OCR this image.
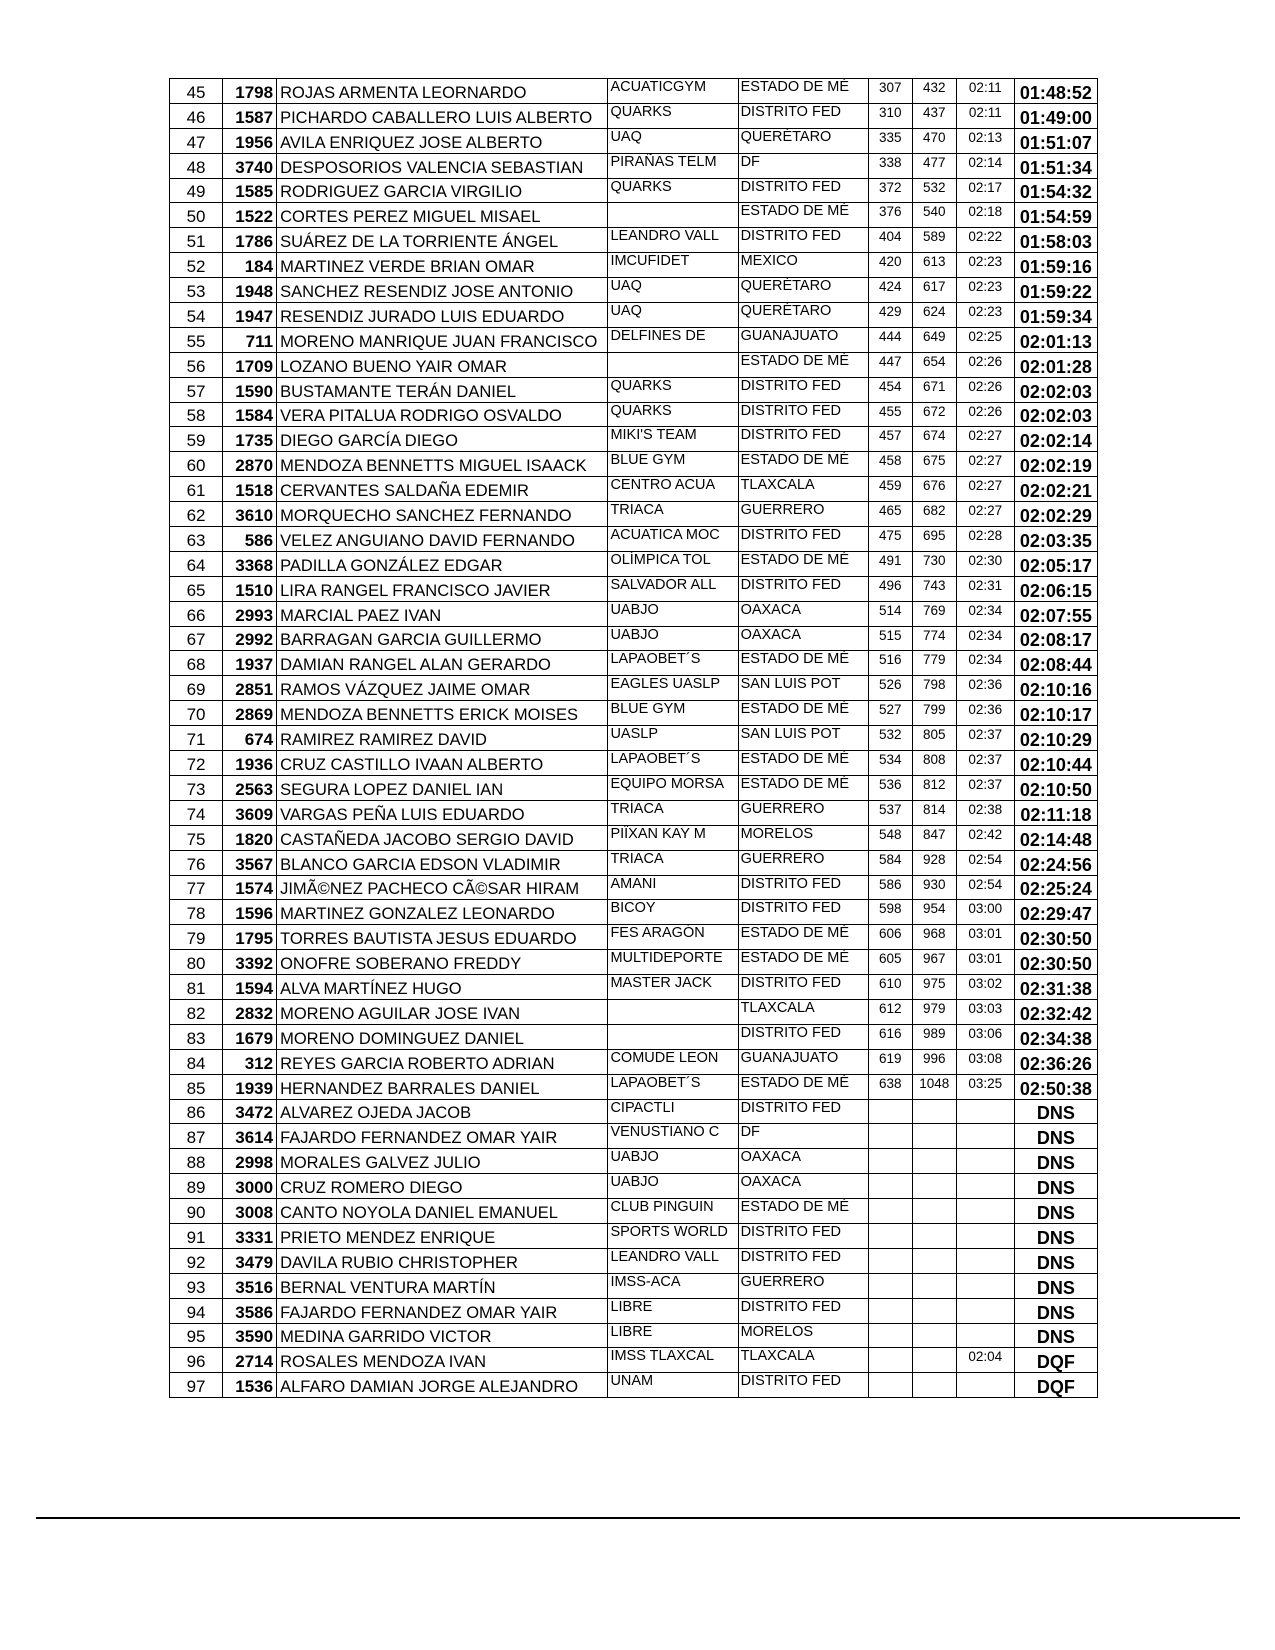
45	1798	ROJAS ARMENTA LEORNARDO	ACUATICGYM	ESTADO DE MÉ	307	432	02:11	01:48:52
46	1587	PICHARDO CABALLERO LUIS ALBERTO	QUARKS	DISTRITO FED	310	437	02:11	01:49:00
47	1956	AVILA ENRIQUEZ JOSE ALBERTO	UAQ	QUERÉTARO	335	470	02:13	01:51:07
48	3740	DESPOSORIOS VALENCIA SEBASTIAN	PIRAÑAS TELM	DF	338	477	02:14	01:51:34
49	1585	RODRIGUEZ GARCIA VIRGILIO	QUARKS	DISTRITO FED	372	532	02:17	01:54:32
50	1522	CORTES PEREZ MIGUEL MISAEL		ESTADO DE MÉ	376	540	02:18	01:54:59
51	1786	SUÁREZ DE LA TORRIENTE ÁNGEL	LEANDRO VALL	DISTRITO FED	404	589	02:22	01:58:03
52	184	MARTINEZ VERDE BRIAN OMAR	IMCUFIDET	MEXICO	420	613	02:23	01:59:16
53	1948	SANCHEZ RESENDIZ JOSE ANTONIO	UAQ	QUERÉTARO	424	617	02:23	01:59:22
54	1947	RESENDIZ JURADO LUIS EDUARDO	UAQ	QUERÉTARO	429	624	02:23	01:59:34
55	711	MORENO MANRIQUE JUAN FRANCISCO	DELFINES DE	GUANAJUATO	444	649	02:25	02:01:13
56	1709	LOZANO BUENO YAIR OMAR		ESTADO DE MÉ	447	654	02:26	02:01:28
57	1590	BUSTAMANTE TERÁN DANIEL	QUARKS	DISTRITO FED	454	671	02:26	02:02:03
58	1584	VERA PITALUA RODRIGO OSVALDO	QUARKS	DISTRITO FED	455	672	02:26	02:02:03
59	1735	DIEGO GARCÍA DIEGO	MIKI'S TEAM	DISTRITO FED	457	674	02:27	02:02:14
60	2870	MENDOZA BENNETTS MIGUEL ISAACK	BLUE GYM	ESTADO DE MÉ	458	675	02:27	02:02:19
61	1518	CERVANTES SALDAÑA EDEMIR	CENTRO ACUA	TLAXCALA	459	676	02:27	02:02:21
62	3610	MORQUECHO SANCHEZ FERNANDO	TRIACA	GUERRERO	465	682	02:27	02:02:29
63	586	VELEZ ANGUIANO DAVID FERNANDO	ACUATICA MOC	DISTRITO FED	475	695	02:28	02:03:35
64	3368	PADILLA GONZÁLEZ EDGAR	OLÍMPICA TOL	ESTADO DE MÉ	491	730	02:30	02:05:17
65	1510	LIRA RANGEL FRANCISCO JAVIER	SALVADOR ALL	DISTRITO FED	496	743	02:31	02:06:15
66	2993	MARCIAL PAEZ IVAN	UABJO	OAXACA	514	769	02:34	02:07:55
67	2992	BARRAGAN GARCIA GUILLERMO	UABJO	OAXACA	515	774	02:34	02:08:17
68	1937	DAMIAN RANGEL ALAN GERARDO	LAPAOBET´S	ESTADO DE MÉ	516	779	02:34	02:08:44
69	2851	RAMOS VÁZQUEZ JAIME OMAR	EAGLES UASLP	SAN LUIS POT	526	798	02:36	02:10:16
70	2869	MENDOZA BENNETTS ERICK MOISES	BLUE GYM	ESTADO DE MÉ	527	799	02:36	02:10:17
71	674	RAMIREZ RAMIREZ DAVID	UASLP	SAN LUIS POT	532	805	02:37	02:10:29
72	1936	CRUZ CASTILLO IVAAN ALBERTO	LAPAOBET´S	ESTADO DE MÉ	534	808	02:37	02:10:44
73	2563	SEGURA LOPEZ DANIEL IAN	EQUIPO MORSA	ESTADO DE MÉ	536	812	02:37	02:10:50
74	3609	VARGAS PEÑA LUIS EDUARDO	TRIACA	GUERRERO	537	814	02:38	02:11:18
75	1820	CASTAÑEDA JACOBO SERGIO DAVID	PIÏXAN KAY M	MORELOS	548	847	02:42	02:14:48
76	3567	BLANCO GARCIA EDSON VLADIMIR	TRIACA	GUERRERO	584	928	02:54	02:24:56
77	1574	JIMÃ©NEZ PACHECO CÃ©SAR HIRAM	AMANI	DISTRITO FED	586	930	02:54	02:25:24
78	1596	MARTINEZ GONZALEZ LEONARDO	BICOY	DISTRITO FED	598	954	03:00	02:29:47
79	1795	TORRES BAUTISTA JESUS EDUARDO	FES ARAGÓN	ESTADO DE MÉ	606	968	03:01	02:30:50
80	3392	ONOFRE SOBERANO FREDDY	MULTIDEPORTE	ESTADO DE MÉ	605	967	03:01	02:30:50
81	1594	ALVA MARTÍNEZ HUGO	MASTER JACK	DISTRITO FED	610	975	03:02	02:31:38
82	2832	MORENO AGUILAR JOSE IVAN		TLAXCALA	612	979	03:03	02:32:42
83	1679	MORENO DOMINGUEZ DANIEL		DISTRITO FED	616	989	03:06	02:34:38
84	312	REYES GARCIA ROBERTO ADRIAN	COMUDE LEON	GUANAJUATO	619	996	03:08	02:36:26
85	1939	HERNANDEZ BARRALES DANIEL	LAPAOBET´S	ESTADO DE MÉ	638	1048	03:25	02:50:38
86	3472	ALVAREZ OJEDA JACOB	CIPACTLI	DISTRITO FED				DNS
87	3614	FAJARDO FERNANDEZ OMAR YAIR	VENUSTIANO C	DF				DNS
88	2998	MORALES GALVEZ JULIO	UABJO	OAXACA				DNS
89	3000	CRUZ ROMERO DIEGO	UABJO	OAXACA				DNS
90	3008	CANTO NOYOLA DANIEL EMANUEL	CLUB PINGUIN	ESTADO DE MÉ				DNS
91	3331	PRIETO MENDEZ ENRIQUE	SPORTS WORLD	DISTRITO FED				DNS
92	3479	DAVILA RUBIO CHRISTOPHER	LEANDRO VALL	DISTRITO FED				DNS
93	3516	BERNAL VENTURA MARTÍN	IMSS-ACA	GUERRERO				DNS
94	3586	FAJARDO FERNANDEZ OMAR YAIR	LIBRE	DISTRITO FED				DNS
95	3590	MEDINA GARRIDO VICTOR	LIBRE	MORELOS				DNS
96	2714	ROSALES MENDOZA IVAN	IMSS TLAXCAL	TLAXCALA			02:04	DQF
97	1536	ALFARO DAMIAN JORGE ALEJANDRO	UNAM	DISTRITO FED				DQF
